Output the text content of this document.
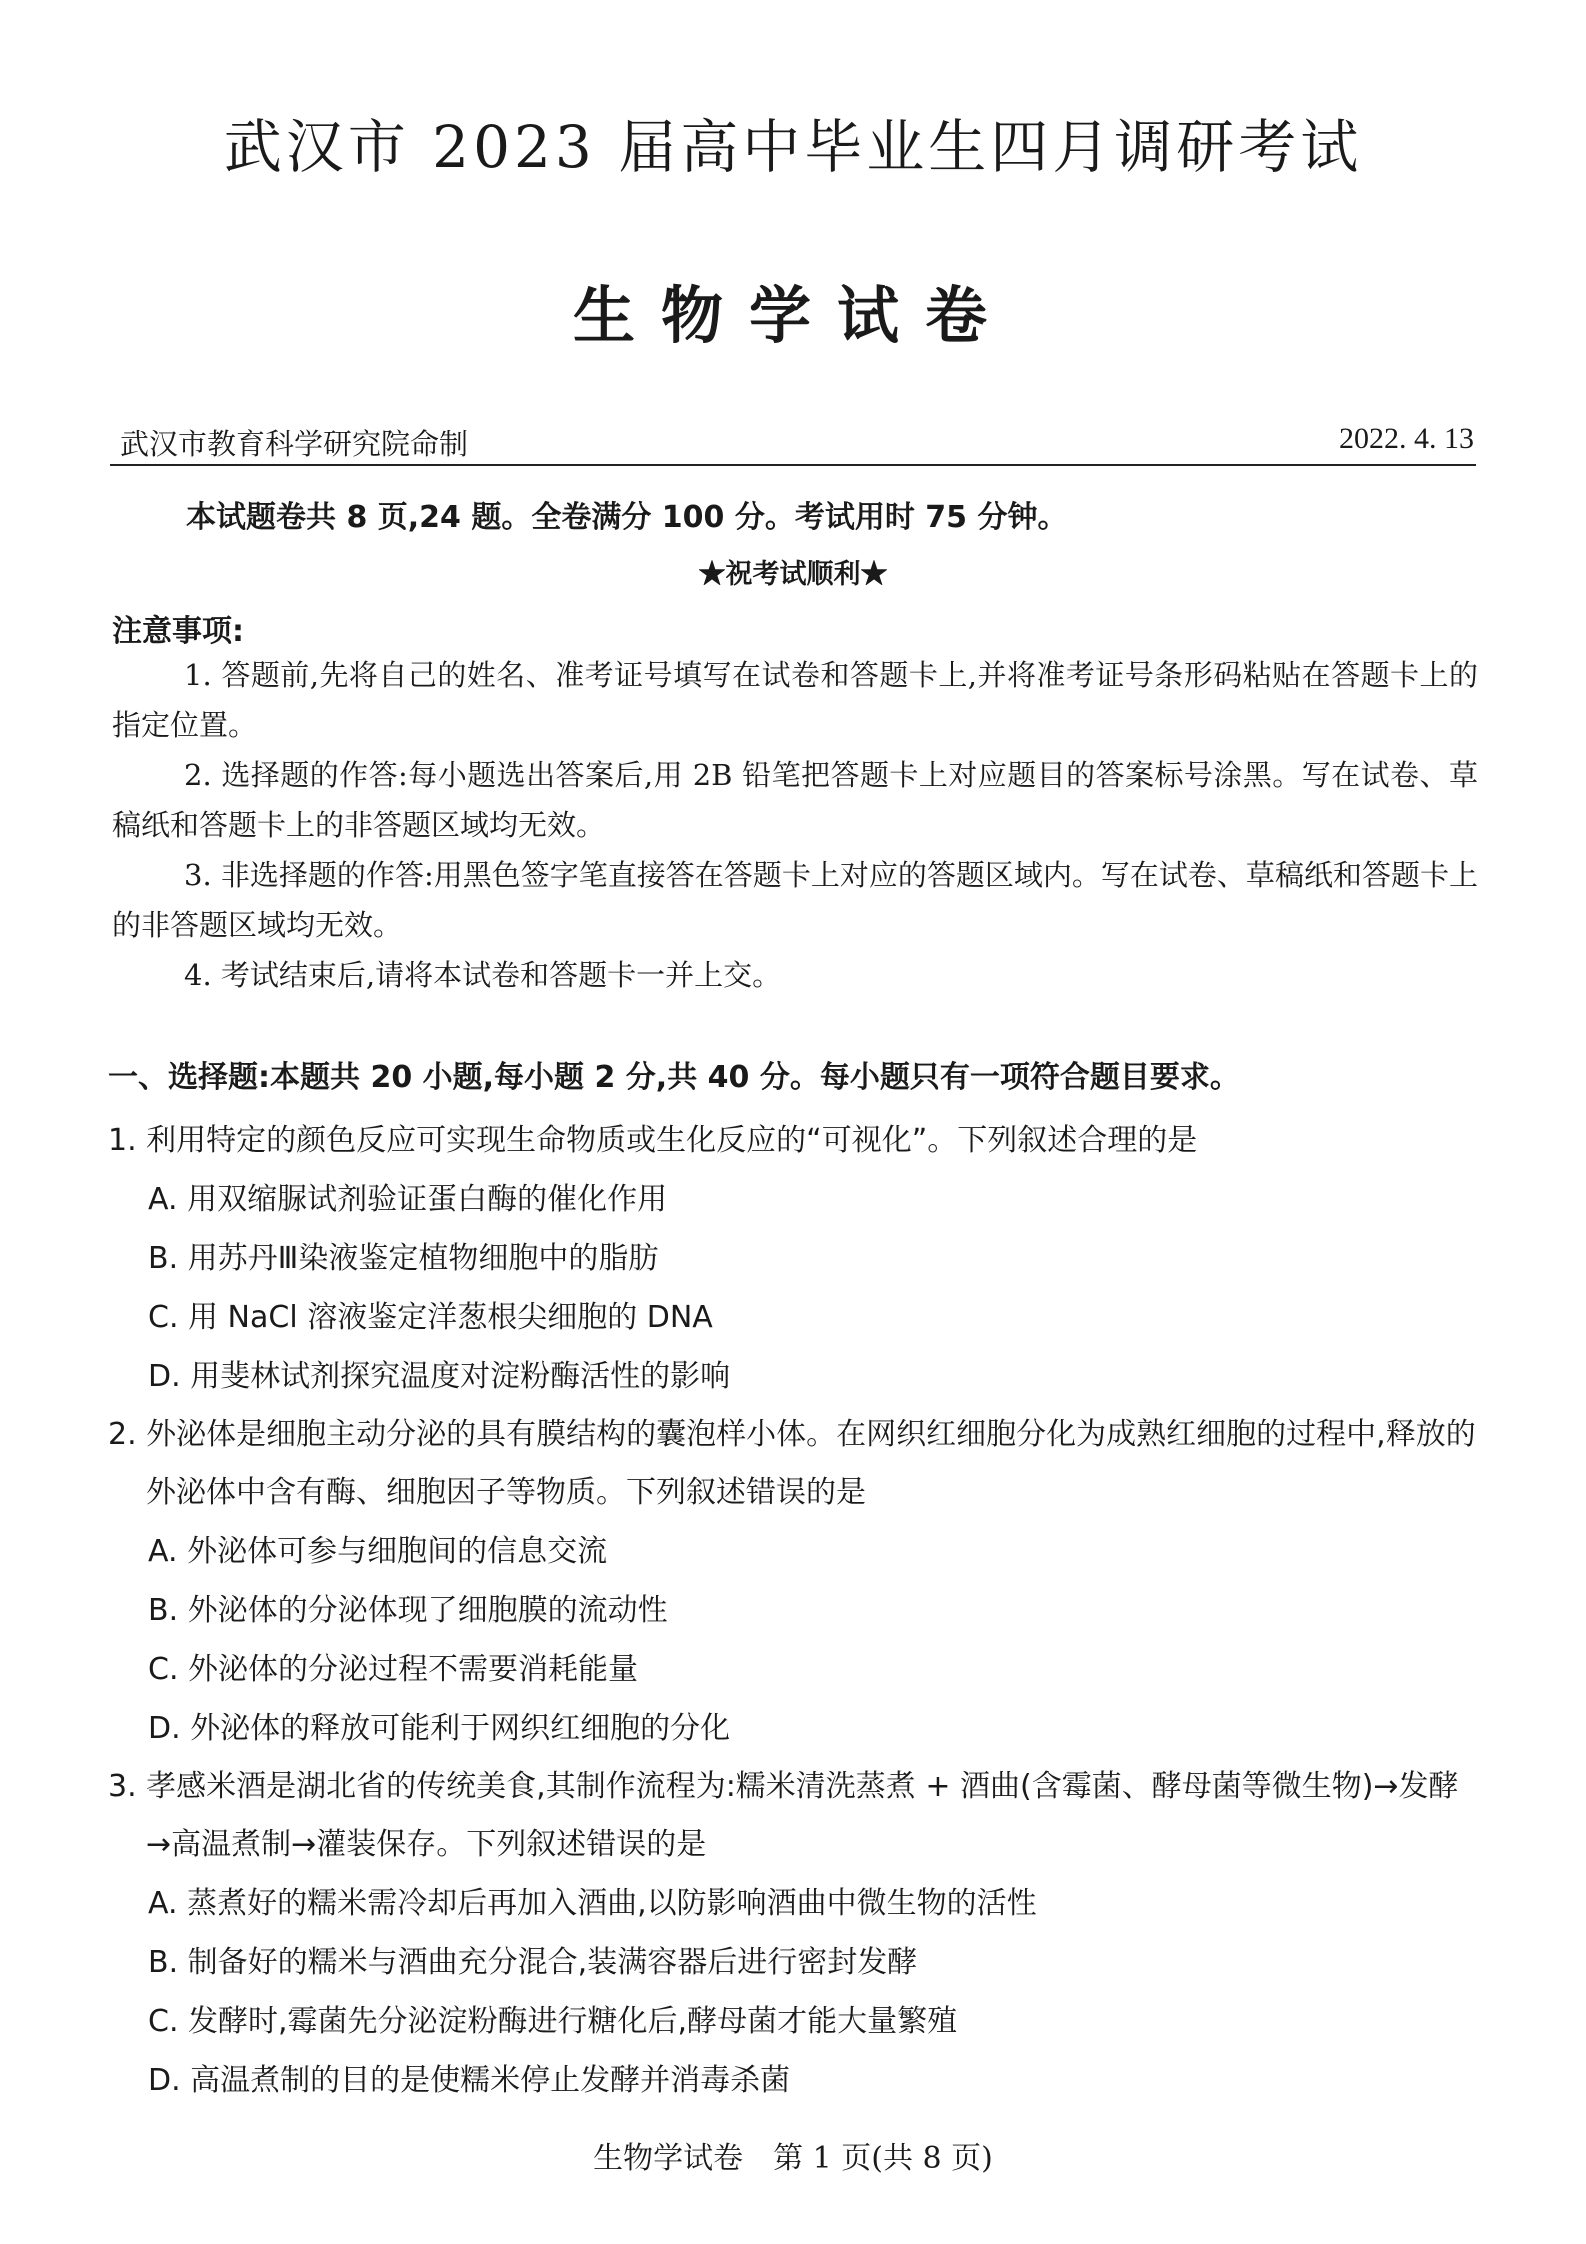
武汉市 2023 届高中毕业生四月调研考试
生物学试卷
武汉市教育科学研究院命制	2022. 4. 13
本试题卷共 8 页,24 题。全卷满分 100 分。考试用时 75 分钟。
★祝考试顺利★
注意事项:

1. 答题前,先将自己的姓名、准考证号填写在试卷和答题卡上,并将准考证号条形码粘贴在答题卡上的指定位置。

2. 选择题的作答:每小题选出答案后,用 2B 铅笔把答题卡上对应题目的答案标号涂黑。写在试卷、草稿纸和答题卡上的非答题区域均无效。

3. 非选择题的作答:用黑色签字笔直接答在答题卡上对应的答题区域内。写在试卷、草稿纸和答题卡上的非答题区域均无效。

4. 考试结束后,请将本试卷和答题卡一并上交。

一、选择题:本题共 20 小题,每小题 2 分,共 40 分。每小题只有一项符合题目要求。

1. 利用特定的颜色反应可实现生命物质或生化反应的“可视化”。下列叙述合理的是

A. 用双缩脲试剂验证蛋白酶的催化作用

B. 用苏丹Ⅲ染液鉴定植物细胞中的脂肪

C. 用 NaCl 溶液鉴定洋葱根尖细胞的 DNA

D. 用斐林试剂探究温度对淀粉酶活性的影响

2. 外泌体是细胞主动分泌的具有膜结构的囊泡样小体。在网织红细胞分化为成熟红细胞的过程中,释放的外泌体中含有酶、细胞因子等物质。下列叙述错误的是

A. 外泌体可参与细胞间的信息交流

B. 外泌体的分泌体现了细胞膜的流动性

C. 外泌体的分泌过程不需要消耗能量

D. 外泌体的释放可能利于网织红细胞的分化

3. 孝感米酒是湖北省的传统美食,其制作流程为:糯米清洗蒸煮 + 酒曲(含霉菌、酵母菌等微生物)→发酵→高温煮制→灌装保存。下列叙述错误的是

A. 蒸煮好的糯米需冷却后再加入酒曲,以防影响酒曲中微生物的活性

B. 制备好的糯米与酒曲充分混合,装满容器后进行密封发酵

C. 发酵时,霉菌先分泌淀粉酶进行糖化后,酵母菌才能大量繁殖

D. 高温煮制的目的是使糯米停止发酵并消毒杀菌

生物学试卷　第 1 页(共 8 页)
